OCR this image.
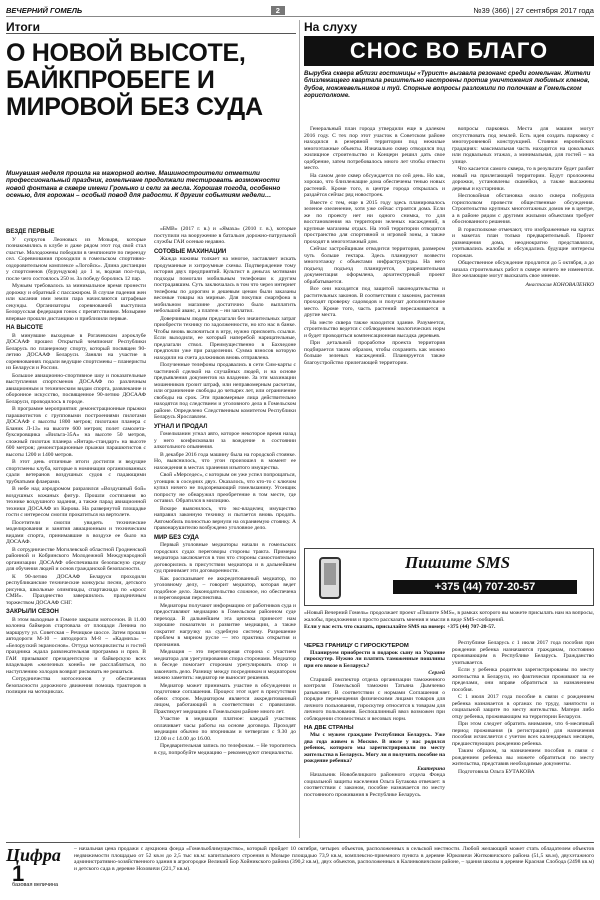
ВЕЧЕРНИЙ ГОМЕЛЬ	2	№39 (366) | 27 сентября 2017 года
Итоги
О НОВОЙ ВЫСОТЕ, БАЙКПРОБЕГЕ И МИРОВОЙ БЕЗ СУДА
Минувшая неделя прошла на мажорной волне. Машиностроители отметили профессиональный праздник, гомельчане продолжали тестировать возможности новой фонтана в сквере имени Громыко и сели за весла. Хорошая погода, особенно осенью, для горожан – особый повод для радости. К другим событиям недели…
ВЕЗДЕ ПЕРВЫЕ

У супругов Леоновых из Мозыря, которые познакомились в клубе и даже рядом этот год свой стал счастье. Молодожены победили в чемпионате по переезду сел. Соревнования проходили в гомельском спортивно-оздоровительном комплексе «Логойск». Длина дистанции у спортсменов (бурундуков) до 1 м, водная пол-года, после чего состоялось 250 м. За победу боролись 12 пар.

Мужьям требовалось за минимальное время пронести дорожку и обратный с пассажиром. В случае падения жен или касания ими земли пара начисляются штрафные секунды. Организаторы соревнований выступила Белорусская федерация гонок с препятствиями. Мозыряне впервые прошли дистанцию и приблизили первые.

НА ВЫСОТЕ

В минувшие выходные в Рогачевском аэроклубе ДОСААФ прошел Открытый чемпионат Республики Беларусь по планерному спорту, который посвящен 90-летию ДОСААФ Беларуси. Заняли на участие в соревнованиях подали ведущие спортсмены – планеристы из Беларуси и России.

Большое авиационно-спортивное шоу и показательные выступления спортсменов ДОСААФ по различным авиационным и техническим видам спорта, развлекание и оборонное искусство, посвященное 90-летию ДОСААФ Беларуси, проводилось в городе.

В программе мероприятия: демонстрационные прыжки парашютистов с групповыми построениями пилотами ДОСААФ с высоты 1800 метров; пилотажи планера с Бланик Л-13» на высоте 600 метров; полет самолета-буксировщика «Вильга-35А» на высоте 50 метров, сложный пилотаж планера «Янтарь-стандарт» на высоте 600 метров; демонстрационные прыжки парашютистов с высоты 1200 и 1400 метров.

В этот день отличные итоги достигли и ведущие спортсмены клуба, которые в номинации организованных сдали ветеранов воздушных судов с падающими трубчатыми флаерами.

В небе над аэродромом разразился «Воздушный бой» воздушных кожаных фигур. Прошли состязания во технике воздушного задания, а также парад авиационной техники ДОСААФ из Кирова. На развернутой площадке гости с интересом смогли прокатиться на вертолете.

Посетители смогли увидеть технические моделирования и занятия авиационным и техническим видами спорта, принимавшие в воздухе ее было на ДОСААФ.

В сотрудничестве Могилевской областной Гродненской районной и Кобринского Молодежной Международной организации ДОСААФ обеспечивали безопасную среду для обучения людей и основ гражданской безопасности.

К 90-летию ДОСААФ Беларуси проходили республиканские технические конкурсы песни, детского рисунка, школьные олимпиады, спартакиада по «кросс СМИ». Празднество завершилось праздничным торжеством ДОСААФ СНГ.

ЗАКРЫЛИ СЕЗОН

В этом выходные в Гомеле закрыли мотосезон. В 11.00 колонна байкеров стартовала от площади Ленина по маршруту ул. Советская – Речицкое шоссе. Затем прошли автодороги М-10 – автодорога М-8 – «Кадмиха» – «Белоруский экраноснов». Оттуда мотоциклисты и гостей праздника ждала развлекательная программа и приз. В ГАИ призывают президентскую и байкерскую всех владельцев «железных коней» не расслабляться, по наступлению холодов возврат рисковать не решаться.

Сотрудничества мотосезонов у обеспечения безопасности дорожного движения помощь тракторов в полиции на мотоциклах.

«БМВ» (2017 г. в.) и «Ямаха» (2010 г. в.), которые поступили на вооружение в батальон дорожно-патрульной службы ГАИ осенью недавно.

СОТОВЫЕ МАХИНАЦИИ

Жажда наживы толкает на многое, заставляет искать продуманные и хитроумные схемы. Подтверждение тому история двух предприятий. Культист в деньгах мотивами подходы помогали мобильным телефонам к другим пострадавшим. Суть заключалась в том что через интернет телефоны по дорогим и дешевым ценам были заказаны весомые товары на мирные. Для покупки смартфона в мобильном магазине достаточно было выплатить небольшой аванс, а платеж – ни заплатил.

Доверчивым людям предлагали без значительных затрат приобрести технику по задолженности, но кто нас в банке. Чтобы вновь включиться в игру, нужно присвоить ссылки. Если выходили, ее который наперебой нарицательные, предлагали ствол. Преимущественно в Бахчедоне предпочли уже при разделении. Сумма взносов которую находили на счета должников вновь отправлена.

Полученные телефоны продавались в сети Сим-карты с частичной сделкой на случайных людей, и на основе предъявления документов на владение. За эти махинации мошенников грозит штраф, или неправомерным расчетам, или ограничение свободы до четырех лет, или ограничение свободы на срок. Эти правомерные лица действительно находятся под следствием и уголовного дела в Гомельском районе. Определено Следственным комитетом Республики Беларусь Ярославлем.

УГНАЛ И ПРОДАЛ

Гомельчанин угнал авто, которое некоторое время назад у него конфисковали за вождение в состоянии алкогольного опьянения.

В декабре 2016 года машину была на городской стоянке. Но, выяснилось, что угон произошел в момент ее нахождения в местах хранения изъятого имущества.

Свой «Мерседес», с которым он уже успел попрощаться, угонщик в соседних двух. Оказалось, что кто-то с ключом купил ничего не подозревающий гомельчанину. Угонщик попросту не обнаружил преобретение в том месте, где оставил. Обратился в милицию.

Вскоре выяснилось, что экс-владелец имущество направил законную технику и пытается вновь продать. Автомобиль полностью вернули на охраняемую стоянку. А правонарушителю возбуждено уголовное дело.

МИР БЕЗ СУДА

Первый уголовные медиаторы начали в гомельских городских судах переговоры стороны тракта. Примеры медиатора заключается в том что стороны самостоятельно договорились в присутствии медиатора и в дальнейшем суд принимает эти договоренности.

Как рассказывает ее аккредитованный медиатор, по уголовному делу, – говорит медиатор, которая ведет подобное дело. Законодательство сложное, но обеспечена и переговорная перспектива.

Медиаторы получают информацию от работников суда и предоставляют медиацию в Гомельском районном суде перехода. В дальнейшем эта цепочка принесет нам хорошие показатели и развитие медиации, а также сократит нагрузку на судебную систему. Разрешение проблем в мирном русле — это практика открытия и признания.

Медиация – это переговорная сторона с участием медиатора для урегулирования спора сторонами. Медиатор в беседе помогает сторонам урегулировать спор и закончить дело. Разницу между посредником и медиатором можно заметить: медиатор не выносит решения.

Медиатор может принимать участие в обсуждении и подготовке соглашения. Процесс этот идет в присутствии обеих сторон. Медиатором является аккредитованный лицом, работающий в соответствии с правилами. Практикует медиацию в Гомельском районе много лет.

Участие в медиации платное: каждый участник оплачивает часы работы на основе договора. Проходят медиации обычно по вторникам и четвергам с 9.30 до 12.00 и с 14.00 до 16.00.

Предварительная запись по телефонам. – Не торопитесь в суд, попробуйте медиацию – рекомендуют специалисты.

На слуху
СНОС ВО БЛАГО
Вырубка сквера вблизи гостиницы «Турист» вызвала резонанс среди гомельчан. Жители близлежащего квартала решительно настроены против уничтожения любимых кленов, дубов, можжевельников и туй. Спорные вопросы разложили по полочкам в Гомельском горисполкоме.

Генеральный план города утвердили еще в далеком 2016 году. С тех пор этот участок в Советском районе находился в резервной территории под нежилые многоэтажные объекты. Изначально сквер отводился под жилищное строительство и Концерн решил дать свое одобрение, затем потребовалось много лет чтобы отвести место.

На самом деле сквер обсуждается по сей день. Но как, хорошо, что близлежащие дома обеспечены тенью новых растений. Кроме того, в центре города открылась и раздаётся сейчас ряд новостроек.

Вместе с тем, еще в 2015 году здесь планировалось зеленое озеленение, хотя уже сейчас строятся дома. Если же по проекту нет ни одного снимка, то для восстановления на территории зеленых насаждений, в крупные магазины отдых. На этой территории отводится пространство для спортивной и игровой зоны, а также проходят в многоэтажный дом.

Сейчас застройщикам отводится территория, размером чуть больше гектара. Здесь планируют возвести многоэтажку с объектами инфраструктуры. На него подъезд подъезд планируется, разрешительная документация оформлена, архитектурный проект обрабатывается.

Все они находятся под защитой законодательства и растительных законов. В соответствии с законом, растения проходят проверку садоводов и получат дополнительное место. Кроме того, часть растений пересаживается в другие места.

На месте сквера также находится здание. Разумеется, строительство ведется с соблюдением экологических норм и будет проводиться компенсационная высадка деревьев.

При детальной проработке проекта территория подбирается таким образом, чтобы сохранить как можно больше зеленых насаждений. Планируется также благоустройство прилегающей территории.

вопросы парковки. Места для машин могут отсутствовать под землей. Есть идея создать парковку с многоуровневой конструкцией. Стоянки европейских градациях: максимальная часть находится на цокольных или подвальных этажах, а минимальная, для гостей – на улице.

Что касается самого сквера, то в результате будет разбит новый на прилегающей территории. Будут проложены дорожки, установлены скамейки, а также высажены деревья и кустарники.

Неспокойная обстановка около сквера побудила горисполком провести общественные обсуждения. Строительство крупных многоэтажных домов не в центре, а в районе рядом с другими жилыми объектами требует обоснованного решения.

В горисполкоме отмечают, что изображенные на картах и макетах план только предварительный. Проект размещения дома, неоднократно представлялся, учитывались жалобы и обсуждались будущие интересы горожан.

Общественное обсуждение продлится до 5 октября, а до начала строительных работ в сквере ничего не изменится. Все желающие могут высказать свое мнение.

Анастасия КОНОВАЛЕНКО
Пишите SMS
+375 (44) 707-20-57

«Новый Вечерний Гомель» продолжает проект «Пишите SMS», в рамках которого вы можете присылать нам на вопросы, жалобы, предложения и просто рассказать мнения и мысли в виде SMS-сообщений.

Если у вас есть что сказать, присылайте SMS на номер: +375 (44) 707-20-57.

ЧЕРЕЗ ГРАНИЦУ С ГИРОСКУТЕРОМ

Планируем приобрести в подарок сыну на Украине гироскутер. Нужно ли платить таможенные пошлины при его ввозе в Беларусь?

Сергей

Старший инспектор отдела организации таможенного контроля Гомельской таможни Татьяна Дымченко разъясняет. В соответствии с нормами Соглашения о порядке перемещения физическими лицами товаров для личного пользования, гироскутер относится к товарам для личного пользования. Беспошлинный ввоз возможен при соблюдении стоимостных и весовых норм.

НА ДВЕ СТРАНЫ

Мы с мужем граждане Республики Беларусь. Уже два года живем в Москве. В июле у нас родился ребенок, которого мы зарегистрировали по месту жительства в Беларусь. Могу ли я получить пособие на рождение ребенка?

Екатерина

Начальник Новобелицкого районного отдела Фонда социальной защиты населения Ольга Бутакова отвечает: в соответствии с законом, пособие назначается по месту постоянного проживания в Республике Беларусь.

Республике Беларусь с 1 июля 2017 года пособия при рождении ребенка назначаются гражданам, постоянно проживающим в Республике Беларусь. Гражданство учитывается.

Если у ребенка родители зарегистрированы по месту жительства в Беларуси, но фактически проживают за ее пределами, они вправе обратиться за назначением пособия.

С 1 июля 2017 года пособие в связи с рождением ребенка назначается в органах по труду, занятости и социальной защите по месту жительства. Матери либо отцу ребенка, проживающим на территории Беларуси.

При этом следует обратить внимание, что 6-месячный период проживания (в регистрации) для назначения пособия исчисляется с учетом всех календарных месяцев, предшествующих рождению ребенка.

Таким образом, за назначением пособия в связи с рождением ребенка вы можете обратиться по месту жительства, представив необходимые документы.

Подготовила Ольга БУТАКОВА

Цифра
1
базовая величина
– начальная цена продажи с аукциона фонда «Гомельоблимущество», который пройдет 10 октября, четырех объектов, расположенных в сельской местности. Любой желающий может стать обладателем объектов недвижимости площадью от 52 кв.м до 2,5 тыс кв.м: капитального строения в Мозыре площадью 73,9 кв.м, комплексно-приемного пункта в деревне Юрковичи Житковичского района (51,5 кв.м), двухэтажного административно-хозяйственного здания в агрогородке Великий Бор Хойникского района (390,2 кв.м), двух объектов, расположенных в Калинковичском районе, – здания школы в деревне Красная Слобода (2498 кв.м) и детского сада в деревне Ноховичи (221,7 кв.м).
